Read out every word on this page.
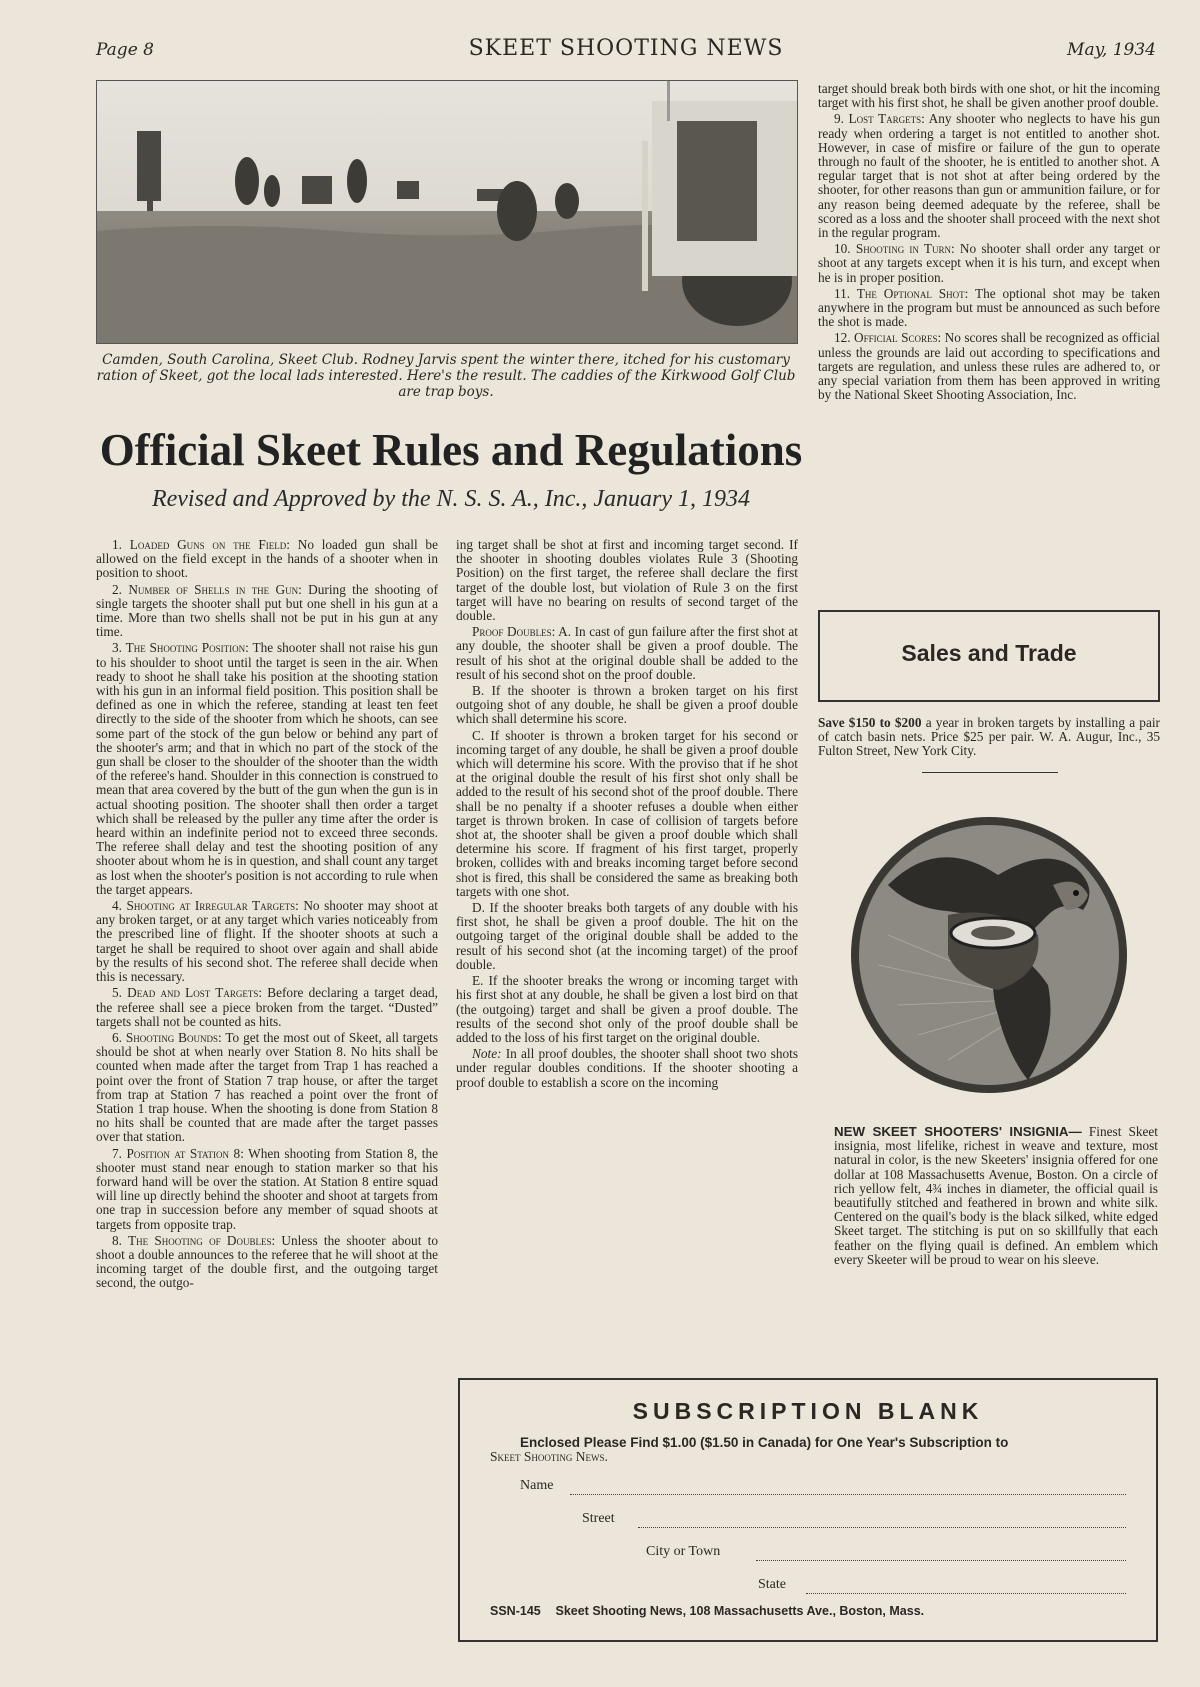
Page 8	SKEET SHOOTING NEWS	May, 1934
Camden, South Carolina, Skeet Club. Rodney Jarvis spent the winter there, itched for his customary ration of Skeet, got the local lads interested. Here's the result. The caddies of the Kirkwood Golf Club are trap boys.
Official Skeet Rules and Regulations
Revised and Approved by the N. S. S. A., Inc., January 1, 1934

1. Loaded Guns on the Field: No loaded gun shall be allowed on the field except in the hands of a shooter when in position to shoot.

2. Number of Shells in the Gun: During the shooting of single targets the shooter shall put but one shell in his gun at a time. More than two shells shall not be put in his gun at any time.

3. The Shooting Position: The shooter shall not raise his gun to his shoulder to shoot until the target is seen in the air. When ready to shoot he shall take his position at the shooting station with his gun in an informal field position. This position shall be defined as one in which the referee, standing at least ten feet directly to the side of the shooter from which he shoots, can see some part of the stock of the gun below or behind any part of the shooter's arm; and that in which no part of the stock of the gun shall be closer to the shoulder of the shooter than the width of the referee's hand. Shoulder in this connection is construed to mean that area covered by the butt of the gun when the gun is in actual shooting position. The shooter shall then order a target which shall be released by the puller any time after the order is heard within an indefinite period not to exceed three seconds. The referee shall delay and test the shooting position of any shooter about whom he is in question, and shall count any target as lost when the shooter's position is not according to rule when the target appears.

4. Shooting at Irregular Targets: No shooter may shoot at any broken target, or at any target which varies noticeably from the prescribed line of flight. If the shooter shoots at such a target he shall be required to shoot over again and shall abide by the results of his second shot. The referee shall decide when this is necessary.

5. Dead and Lost Targets: Before declaring a target dead, the referee shall see a piece broken from the target. “Dusted” targets shall not be counted as hits.

6. Shooting Bounds: To get the most out of Skeet, all targets should be shot at when nearly over Station 8. No hits shall be counted when made after the target from Trap 1 has reached a point over the front of Station 7 trap house, or after the target from trap at Station 7 has reached a point over the front of Station 1 trap house. When the shooting is done from Station 8 no hits shall be counted that are made after the target passes over that station.

7. Position at Station 8: When shooting from Station 8, the shooter must stand near enough to station marker so that his forward hand will be over the station. At Station 8 entire squad will line up directly behind the shooter and shoot at targets from one trap in succession before any member of squad shoots at targets from opposite trap.

8. The Shooting of Doubles: Unless the shooter about to shoot a double announces to the referee that he will shoot at the incoming target of the double first, and the outgoing target second, the outgo-

ing target shall be shot at first and incoming target second. If the shooter in shooting doubles violates Rule 3 (Shooting Position) on the first target, the referee shall declare the first target of the double lost, but violation of Rule 3 on the first target will have no bearing on results of second target of the double.

Proof Doubles: A. In cast of gun failure after the first shot at any double, the shooter shall be given a proof double. The result of his shot at the original double shall be added to the result of his second shot on the proof double.

B. If the shooter is thrown a broken target on his first outgoing shot of any double, he shall be given a proof double which shall determine his score.

C. If shooter is thrown a broken target for his second or incoming target of any double, he shall be given a proof double which will determine his score. With the proviso that if he shot at the original double the result of his first shot only shall be added to the result of his second shot of the proof double. There shall be no penalty if a shooter refuses a double when either target is thrown broken. In case of collision of targets before shot at, the shooter shall be given a proof double which shall determine his score. If fragment of his first target, properly broken, collides with and breaks incoming target before second shot is fired, this shall be considered the same as breaking both targets with one shot.

D. If the shooter breaks both targets of any double with his first shot, he shall be given a proof double. The hit on the outgoing target of the original double shall be added to the result of his second shot (at the incoming target) of the proof double.

E. If the shooter breaks the wrong or incoming target with his first shot at any double, he shall be given a lost bird on that (the outgoing) target and shall be given a proof double. The results of the second shot only of the proof double shall be added to the loss of his first target on the original double.

Note: In all proof doubles, the shooter shall shoot two shots under regular doubles conditions. If the shooter shooting a proof double to establish a score on the incoming

target should break both birds with one shot, or hit the incoming target with his first shot, he shall be given another proof double.

9. Lost Targets: Any shooter who neglects to have his gun ready when ordering a target is not entitled to another shot. However, in case of misfire or failure of the gun to operate through no fault of the shooter, he is entitled to another shot. A regular target that is not shot at after being ordered by the shooter, for other reasons than gun or ammunition failure, or for any reason being deemed adequate by the referee, shall be scored as a loss and the shooter shall proceed with the next shot in the regular program.

10. Shooting in Turn: No shooter shall order any target or shoot at any targets except when it is his turn, and except when he is in proper position.

11. The Optional Shot: The optional shot may be taken anywhere in the program but must be announced as such before the shot is made.

12. Official Scores: No scores shall be recognized as official unless the grounds are laid out according to specifications and targets are regulation, and unless these rules are adhered to, or any special variation from them has been approved in writing by the National Skeet Shooting Association, Inc.

Sales and Trade
Save $150 to $200 a year in broken targets by installing a pair of catch basin nets. Price $25 per pair. W. A. Augur, Inc., 35 Fulton Street, New York City.
NEW SKEET SHOOTERS' INSIGNIA— Finest Skeet insignia, most lifelike, richest in weave and texture, most natural in color, is the new Skeeters' insignia offered for one dollar at 108 Massachusetts Avenue, Boston. On a circle of rich yellow felt, 4¾ inches in diameter, the official quail is beautifully stitched and feathered in brown and white silk. Centered on the quail's body is the black silked, white edged Skeet target. The stitching is put on so skillfully that each feather on the flying quail is defined. An emblem which every Skeeter will be proud to wear on his sleeve.
SUBSCRIPTION BLANK
Enclosed Please Find $1.00 ($1.50 in Canada) for One Year's Subscription to
Skeet Shooting News.
Name
Street
City or Town
State
SSN-145 Skeet Shooting News, 108 Massachusetts Ave., Boston, Mass.
